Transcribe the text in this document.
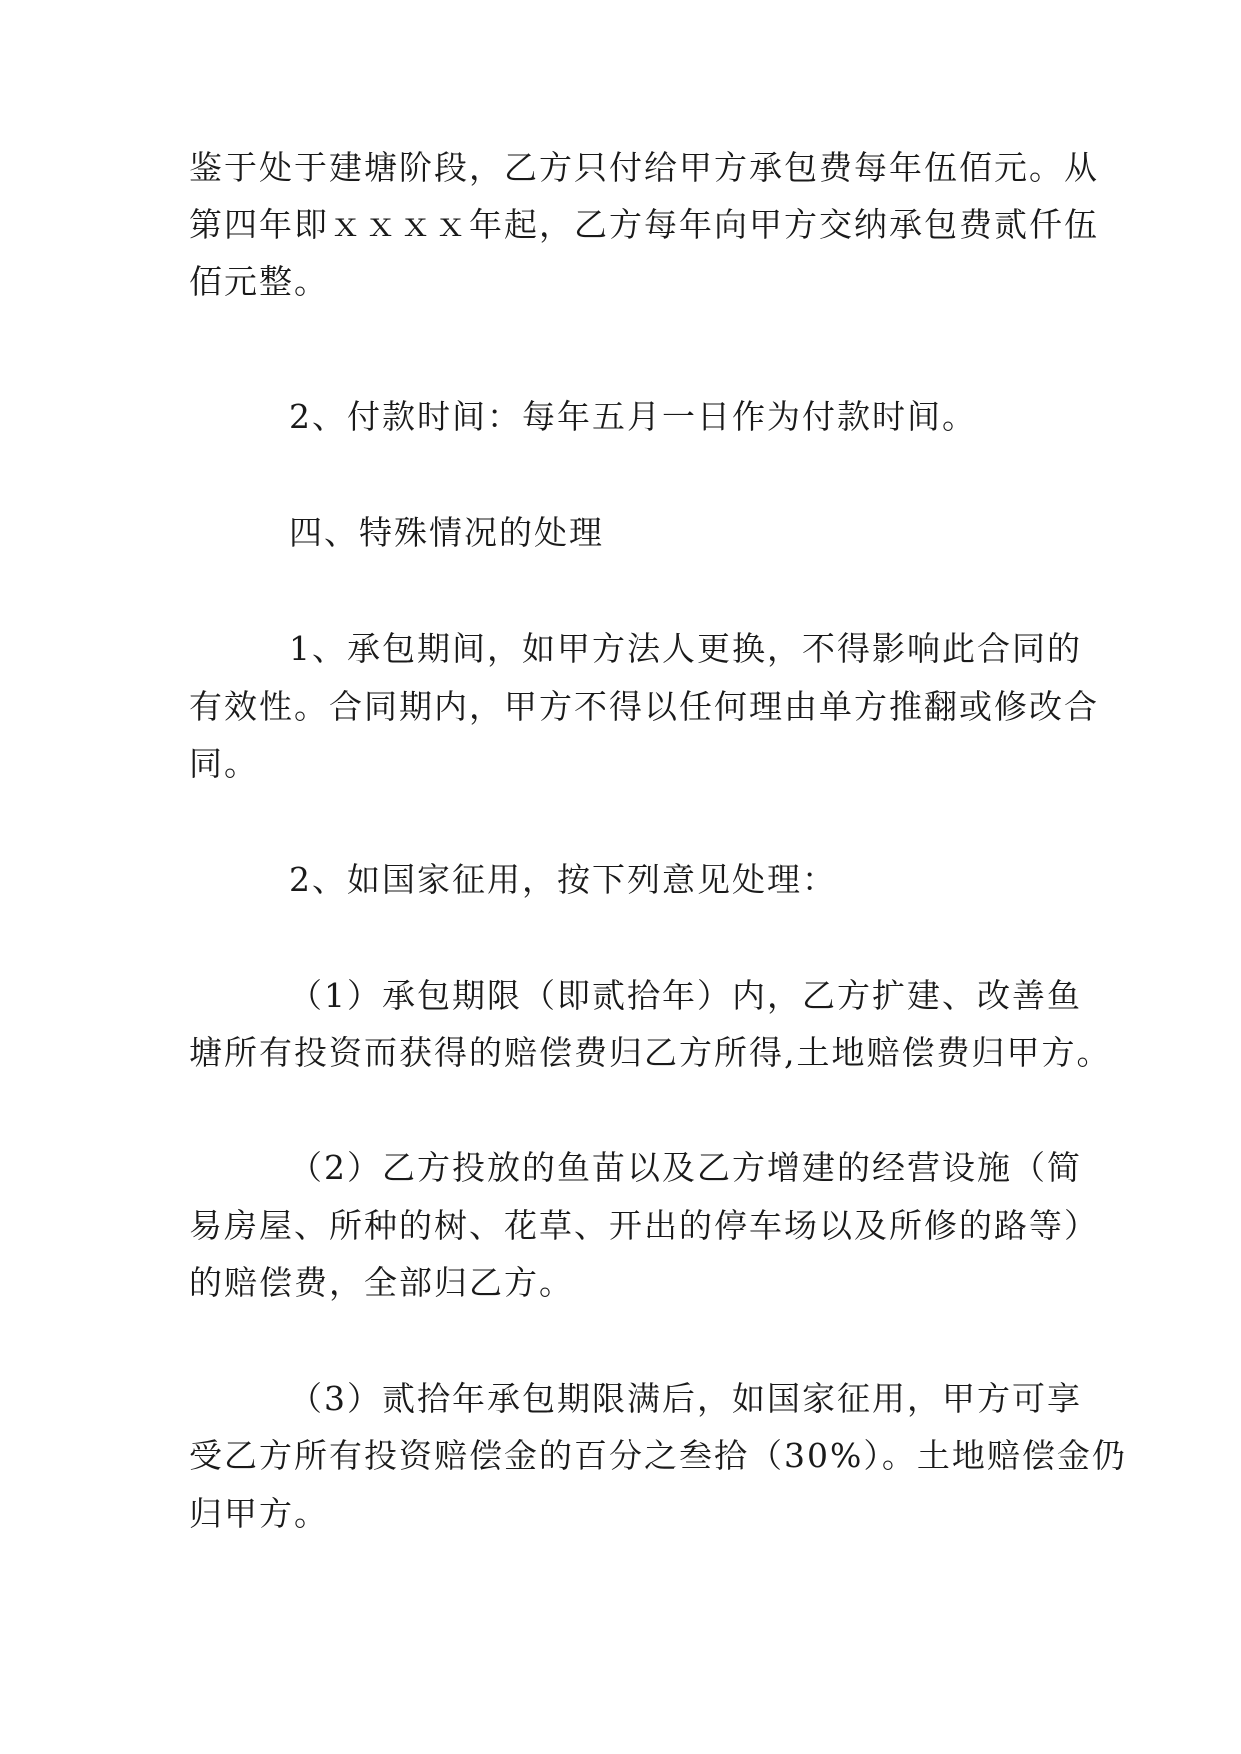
鉴于处于建塘阶段，乙方只付给甲方承包费每年伍佰元。从
第四年即ｘｘｘｘ年起，乙方每年向甲方交纳承包费贰仟伍
佰元整。
2、付款时间：每年五月一日作为付款时间。
四、特殊情况的处理
1、承包期间，如甲方法人更换，不得影响此合同的
有效性。合同期内，甲方不得以任何理由单方推翻或修改合
同。
2、如国家征用，按下列意见处理：
（1）承包期限（即贰拾年）内，乙方扩建、改善鱼
塘所有投资而获得的赔偿费归乙方所得,土地赔偿费归甲方。
（2）乙方投放的鱼苗以及乙方增建的经营设施（简
易房屋、所种的树、花草、开出的停车场以及所修的路等）
的赔偿费，全部归乙方。
（3）贰拾年承包期限满后，如国家征用，甲方可享
受乙方所有投资赔偿金的百分之叁拾（30%）。土地赔偿金仍
归甲方。
